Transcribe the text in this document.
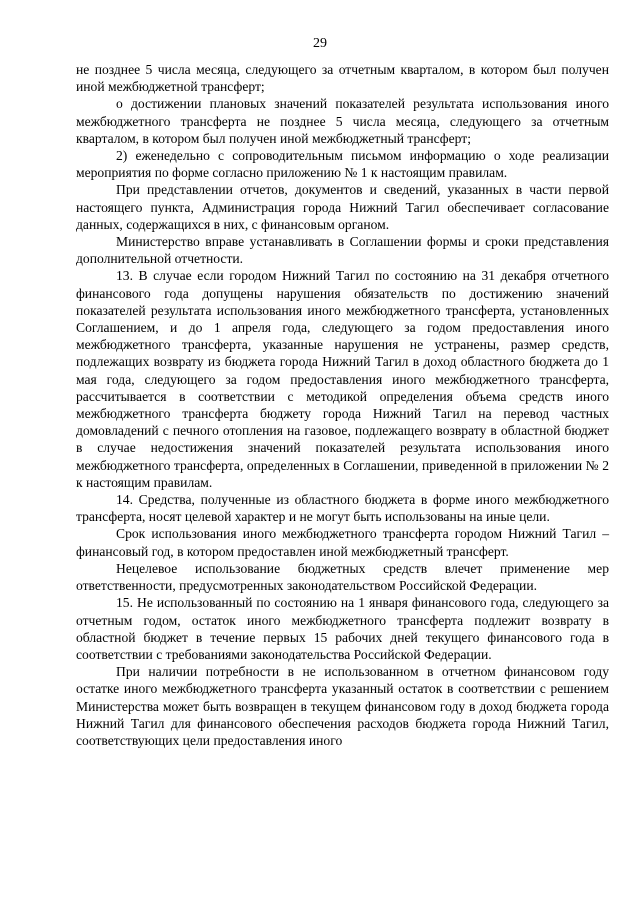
29

не позднее 5 числа месяца, следующего за отчетным кварталом, в котором был получен иной межбюджетной трансферт;

о достижении плановых значений показателей результата использования иного межбюджетного трансферта не позднее 5 числа месяца, следующего за отчетным кварталом, в котором был получен иной межбюджетный трансферт;

2) еженедельно с сопроводительным письмом информацию о ходе реализации мероприятия по форме согласно приложению № 1 к настоящим правилам.

При представлении отчетов, документов и сведений, указанных в части первой настоящего пункта, Администрация города Нижний Тагил обеспечивает согласование данных, содержащихся в них, с финансовым органом.

Министерство вправе устанавливать в Соглашении формы и сроки представления дополнительной отчетности.

13. В случае если городом Нижний Тагил по состоянию на 31 декабря отчетного финансового года допущены нарушения обязательств по достижению значений показателей результата использования иного межбюджетного трансферта, установленных Соглашением, и до 1 апреля года, следующего за годом предоставления иного межбюджетного трансферта, указанные нарушения не устранены, размер средств, подлежащих возврату из бюджета города Нижний Тагил в доход областного бюджета до 1 мая года, следующего за годом предоставления иного межбюджетного трансферта, рассчитывается в соответствии с методикой определения объема средств иного межбюджетного трансферта бюджету города Нижний Тагил на перевод частных домовладений с печного отопления на газовое, подлежащего возврату в областной бюджет в случае недостижения значений показателей результата использования иного межбюджетного трансферта, определенных в Соглашении, приведенной в приложении № 2 к настоящим правилам.

14. Средства, полученные из областного бюджета в форме иного межбюджетного трансферта, носят целевой характер и не могут быть использованы на иные цели.

Срок использования иного межбюджетного трансферта городом Нижний Тагил – финансовый год, в котором предоставлен иной межбюджетный трансферт.

Нецелевое использование бюджетных средств влечет применение мер ответственности, предусмотренных законодательством Российской Федерации.

15. Не использованный по состоянию на 1 января финансового года, следующего за отчетным годом, остаток иного межбюджетного трансферта подлежит возврату в областной бюджет в течение первых 15 рабочих дней текущего финансового года в соответствии с требованиями законодательства Российской Федерации.

При наличии потребности в не использованном в отчетном финансовом году остатке иного межбюджетного трансферта указанный остаток в соответствии с решением Министерства может быть возвращен в текущем финансовом году в доход бюджета города Нижний Тагил для финансового обеспечения расходов бюджета города Нижний Тагил, соответствующих цели предоставления иного
